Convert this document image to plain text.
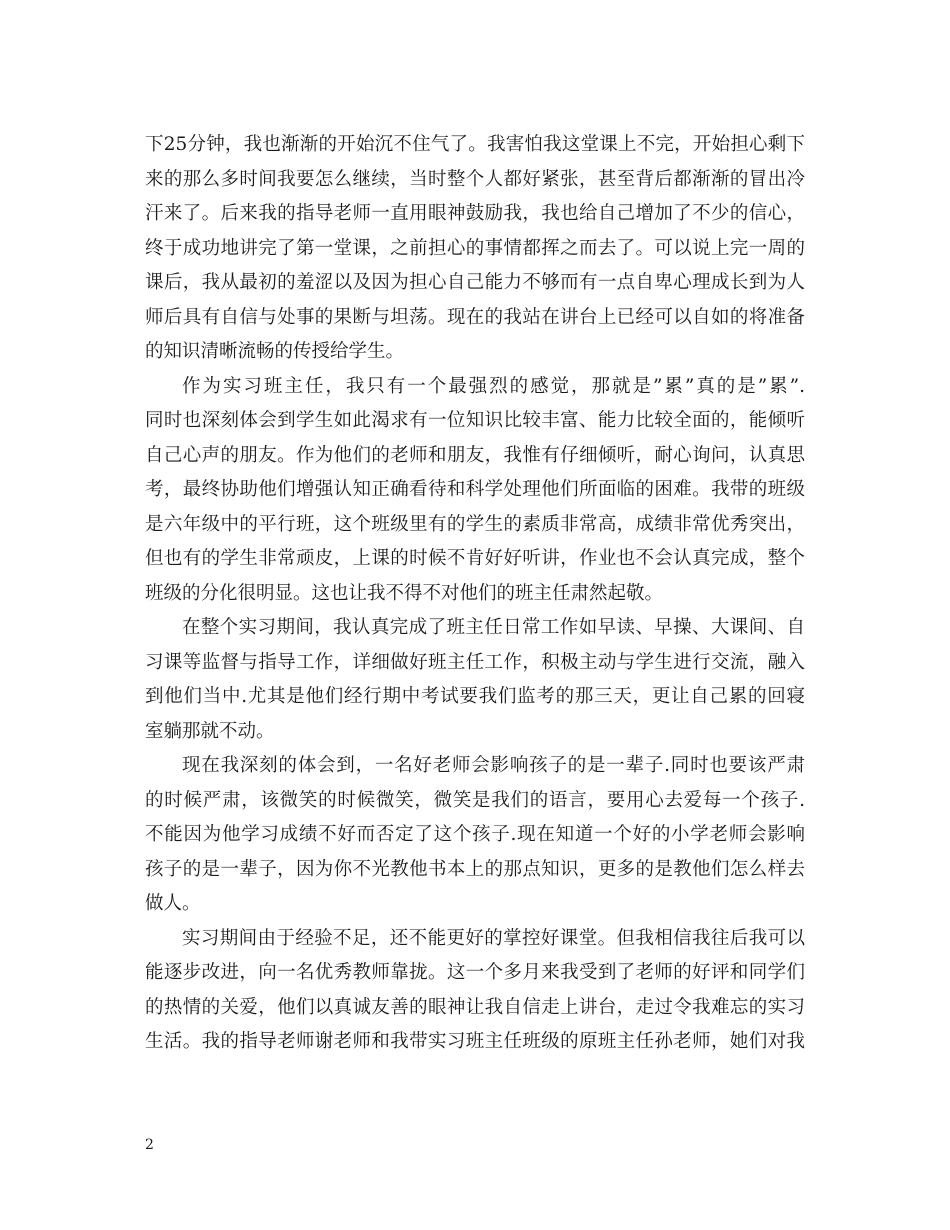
下25分钟，我也渐渐的开始沉不住气了。我害怕我这堂课上不完，开始担心剩下
来的那么多时间我要怎么继续，当时整个人都好紧张，甚至背后都渐渐的冒出冷
汗来了。后来我的指导老师一直用眼神鼓励我，我也给自己增加了不少的信心，
终于成功地讲完了第一堂课，之前担心的事情都挥之而去了。可以说上完一周的
课后，我从最初的羞涩以及因为担心自己能力不够而有一点自卑心理成长到为人
师后具有自信与处事的果断与坦荡。现在的我站在讲台上已经可以自如的将准备
的知识清晰流畅的传授给学生。
作为实习班主任，我只有一个最强烈的感觉，那就是”累”真的是”累”.
同时也深刻体会到学生如此渴求有一位知识比较丰富、能力比较全面的，能倾听
自己心声的朋友。作为他们的老师和朋友，我惟有仔细倾听，耐心询问，认真思
考，最终协助他们增强认知正确看待和科学处理他们所面临的困难。我带的班级
是六年级中的平行班，这个班级里有的学生的素质非常高，成绩非常优秀突出，
但也有的学生非常顽皮，上课的时候不肯好好听讲，作业也不会认真完成，整个
班级的分化很明显。这也让我不得不对他们的班主任肃然起敬。
在整个实习期间，我认真完成了班主任日常工作如早读、早操、大课间、自
习课等监督与指导工作，详细做好班主任工作，积极主动与学生进行交流，融入
到他们当中.尤其是他们经行期中考试要我们监考的那三天，更让自己累的回寝
室躺那就不动。
现在我深刻的体会到，一名好老师会影响孩子的是一辈子.同时也要该严肃
的时候严肃，该微笑的时候微笑，微笑是我们的语言，要用心去爱每一个孩子.
不能因为他学习成绩不好而否定了这个孩子.现在知道一个好的小学老师会影响
孩子的是一辈子，因为你不光教他书本上的那点知识，更多的是教他们怎么样去
做人。
实习期间由于经验不足，还不能更好的掌控好课堂。但我相信我往后我可以
能逐步改进，向一名优秀教师靠拢。这一个多月来我受到了老师的好评和同学们
的热情的关爱，他们以真诚友善的眼神让我自信走上讲台，走过令我难忘的实习
生活。我的指导老师谢老师和我带实习班主任班级的原班主任孙老师，她们对我
2
